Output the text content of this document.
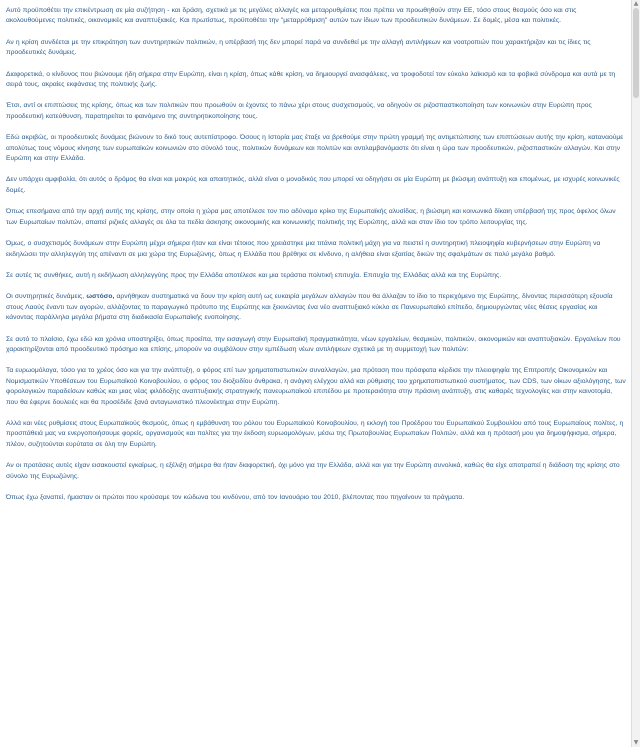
Αυτό προϋποθέτει την επικέντρωση σε μία συζήτηση - και δράση, σχετικά με τις μεγάλες αλλαγές και μεταρρυθμίσεις που πρέπει να προωθηθούν στην ΕΕ, τόσο στους θεσμούς όσο και στις ακολουθούμενες πολιτικές, οικονομικές και αναπτυξιακές. Και πρωτίστως, προϋποθέτει την "μεταρρύθμιση" αυτών των ίδιων των προοδευτικών δυνάμεων. Σε δομές, μέσα και πολιτικές.

Αν η κρίση συνδέεται με την επικράτηση των συντηρητικών πολιτικών, η υπέρβασή της δεν μπορεί παρά να συνδεθεί με την αλλαγή αντιλήψεων και νοοτροπιών που χαρακτήριζαν και τις ίδιες τις προοδευτικές δυνάμεις.

Διαφορετικά, ο κίνδυνος που βιώνουμε ήδη σήμερα στην Ευρώπη, είναι η κρίση, όπως κάθε κρίση, να δημιουργεί ανασφάλειες, να τροφοδοτεί τον εύκολο λαϊκισμό και τα φοβικά σύνδρομα και αυτά με τη σειρά τους, ακραίες εκφάνσεις της πολιτικής ζωής.

Έτσι, αντί οι επιπτώσεις της κρίσης, όπως και των πολιτικών που προωθούν οι έχοντες το πάνω χέρι στους συσχετισμούς, να οδηγούν σε ριζοσπαστικοποίηση των κοινωνιών στην Ευρώπη προς προοδευτική κατεύθυνση, παρατηρείται το φαινόμενο της συντηρητικοποίησης τους.

Εδώ ακριβώς, οι προοδευτικές δυνάμεις βιώνουν το δικό τους αυτεπίστροφο. Όσους η Ιστορία μας έταξε να βρεθούμε στην πρώτη γραμμή της αντιμετώπισης των επιπτώσεων αυτής την κρίση, καταναούμε απολύτως τους νόμους κίνησης των ευρωπαϊκών κοινωνιών στο σύνολό τους, πολιτικών δυνάμεων και πολιτών και αντιλαμβανόμαστε ότι είναι η ώρα των προοδευτικών, ριζοσπαστικών αλλαγών. Και στην Ευρώπη και στην Ελλάδα.

Δεν υπάρχει αμφιβολία, ότι αυτός ο δρόμος θα είναι και μακρύς και απαιτητικός, αλλά είναι ο μοναδικός που μπορεί να οδηγήσει σε μία Ευρώπη με βιώσιμη ανάπτυξη και επομένως, με ισχυρές κοινωνικές δομές.

Όπως επεσήμανα από την αρχή αυτής της κρίσης, στην οποία η χώρα μας αποτέλεσε τον πιο αδύναμο κρίκο της Ευρωπαϊκής αλυσίδας, η βιώσιμη και κοινωνικά δίκαιη υπέρβασή της προς όφελος όλων των Ευρωπαίων πολιτών, απαιτεί ριζικές αλλαγές σε όλα τα πεδία άσκησης οικονομικής και κοινωνικής πολιτικής της Ευρώπης, αλλά και στον ίδιο τον τρόπο λειτουργίας της.

Όμως, ο συσχετισμός δυνάμεων στην Ευρώπη μέχρι σήμερα ήταν και είναι τέτοιος που χρειάστηκε μια τιτάνια πολιτική μάχη για να πειστεί η συντηρητική πλειοψηφία κυβερνήσεων στην Ευρώπη να εκδηλώσει την αλληλεγγύη της απέναντι σε μια χώρα της Ευρωζώνης, όπως η Ελλάδα που βρέθηκε σε κίνδυνο, η αλήθεια είναι εξαιτίας δικών της σφαλμάτων σε πολύ μεγάλο βαθμό.

Σε αυτές τις συνθήκες, αυτή η εκδήλωση αλληλεγγύης προς την Ελλάδα αποτέλεσε και μια τεράστια πολιτική επιτυχία. Επιτυχία της Ελλάδας αλλά και της Ευρώπης.

Οι συντηρητικές δυνάμεις, ωστόσο, αρνήθηκαν συστηματικά να δουν την κρίση αυτή ως ευκαιρία μεγάλων αλλαγών που θα άλλαζαν το ίδιο το περιεχόμενο της Ευρώπης, δίνοντας περισσότερη εξουσία στους Λαούς έναντι των αγορών, αλλάζοντας το παραγωγικό πρότυπο της Ευρώπης και ξεκινώντας ένα νέο αναπτυξιακό κύκλο σε Πανευρωπαϊκό επίπεδο, δημιουργώντας νέες θέσεις εργασίας και κάνοντας παράλληλα μεγάλα βήματα στη διαδικασία Ευρωπαϊκής ενοποίησης.

Σε αυτό το πλαίσιο, έχω εδώ και χρόνια υποστηρίξει, όπως προείπα, την εισαγωγή στην Ευρωπαϊκή πραγματικότητα, νέων εργαλείων, θεσμικών, πολιτικών, οικονομικών και αναπτυξιακών. Εργαλείων που χαρακτηρίζονται από προοδευτικό πρόσημο και επίσης, μπορούν να συμβάλουν στην εμπέδωση νέων αντιλήψεων σχετικά με τη συμμετοχή των πολιτών:

Τα ευρωομόλογα, τόσο για το χρέος όσο και για την ανάπτυξη, ο φόρος επί των χρηματοπιστωτικών συναλλαγών, μια πρόταση που πρόσφατα κέρδισε την πλειοψηφία της Επιτροπής Οικονομικών και Νομισματικών Υποθέσεων του Ευρωπαϊκού Κοινοβουλίου, ο φόρος του διοξειδίου άνθρακα, η ανάγκη ελέγχου αλλά και ρύθμισης του χρηματοπιστωτικού συστήματος, των CDS, των οίκων αξιολόγησης, των φορολογικών παραδείσων καθώς και μιας νέας φιλόδοξης αναπτυξιακής στρατηγικής πανευρωπαϊκού επιπέδου με προτεραιότητα στην πράσινη ανάπτυξη, στις καθαρές τεχνολογίες και στην καινοτομία, που θα έφερνε δουλειές και θα προσέδιδε ξανά ανταγωνιστικό πλεονέκτημα στην Ευρώπη.

Αλλά και νέες ρυθμίσεις στους Ευρωπαϊκούς θεσμούς, όπως η εμβάθυνση του ρόλου του Ευρωπαϊκού Κοινοβουλίου, η εκλογή του Προέδρου του Ευρωπαϊκού Συμβουλίου από τους Ευρωπαίους πολίτες, η προσπάθειά μας να ενεργοποιήσουμε φορείς, οργανισμούς και πολίτες για την έκδοση ευρωομολόγων, μέσω της Πρωτοβουλίας Ευρωπαίων Πολιτών, αλλά και η πρότασή μου για δημοψήφισμα, σήμερα, πλέον, συζητούνται ευρύτατα σε όλη την Ευρώπη.

Αν οι προτάσεις αυτές είχαν εισακουστεί εγκαίρως, η εξέλιξη σήμερα θα ήταν διαφορετική, όχι μόνο για την Ελλάδα, αλλά και για την Ευρώπη συνολικά, καθώς θα είχε αποτραπεί η διάδοση της κρίσης στο σύνολο της Ευρωζώνης.

Όπως έχω ξαναπεί, ήμασταν οι πρώτοι που κρούσαμε τον κώδωνα του κινδύνου, από τον Ιανουάριο του 2010, βλέποντας που πηγαίνουν τα πράγματα.

▲
▼
